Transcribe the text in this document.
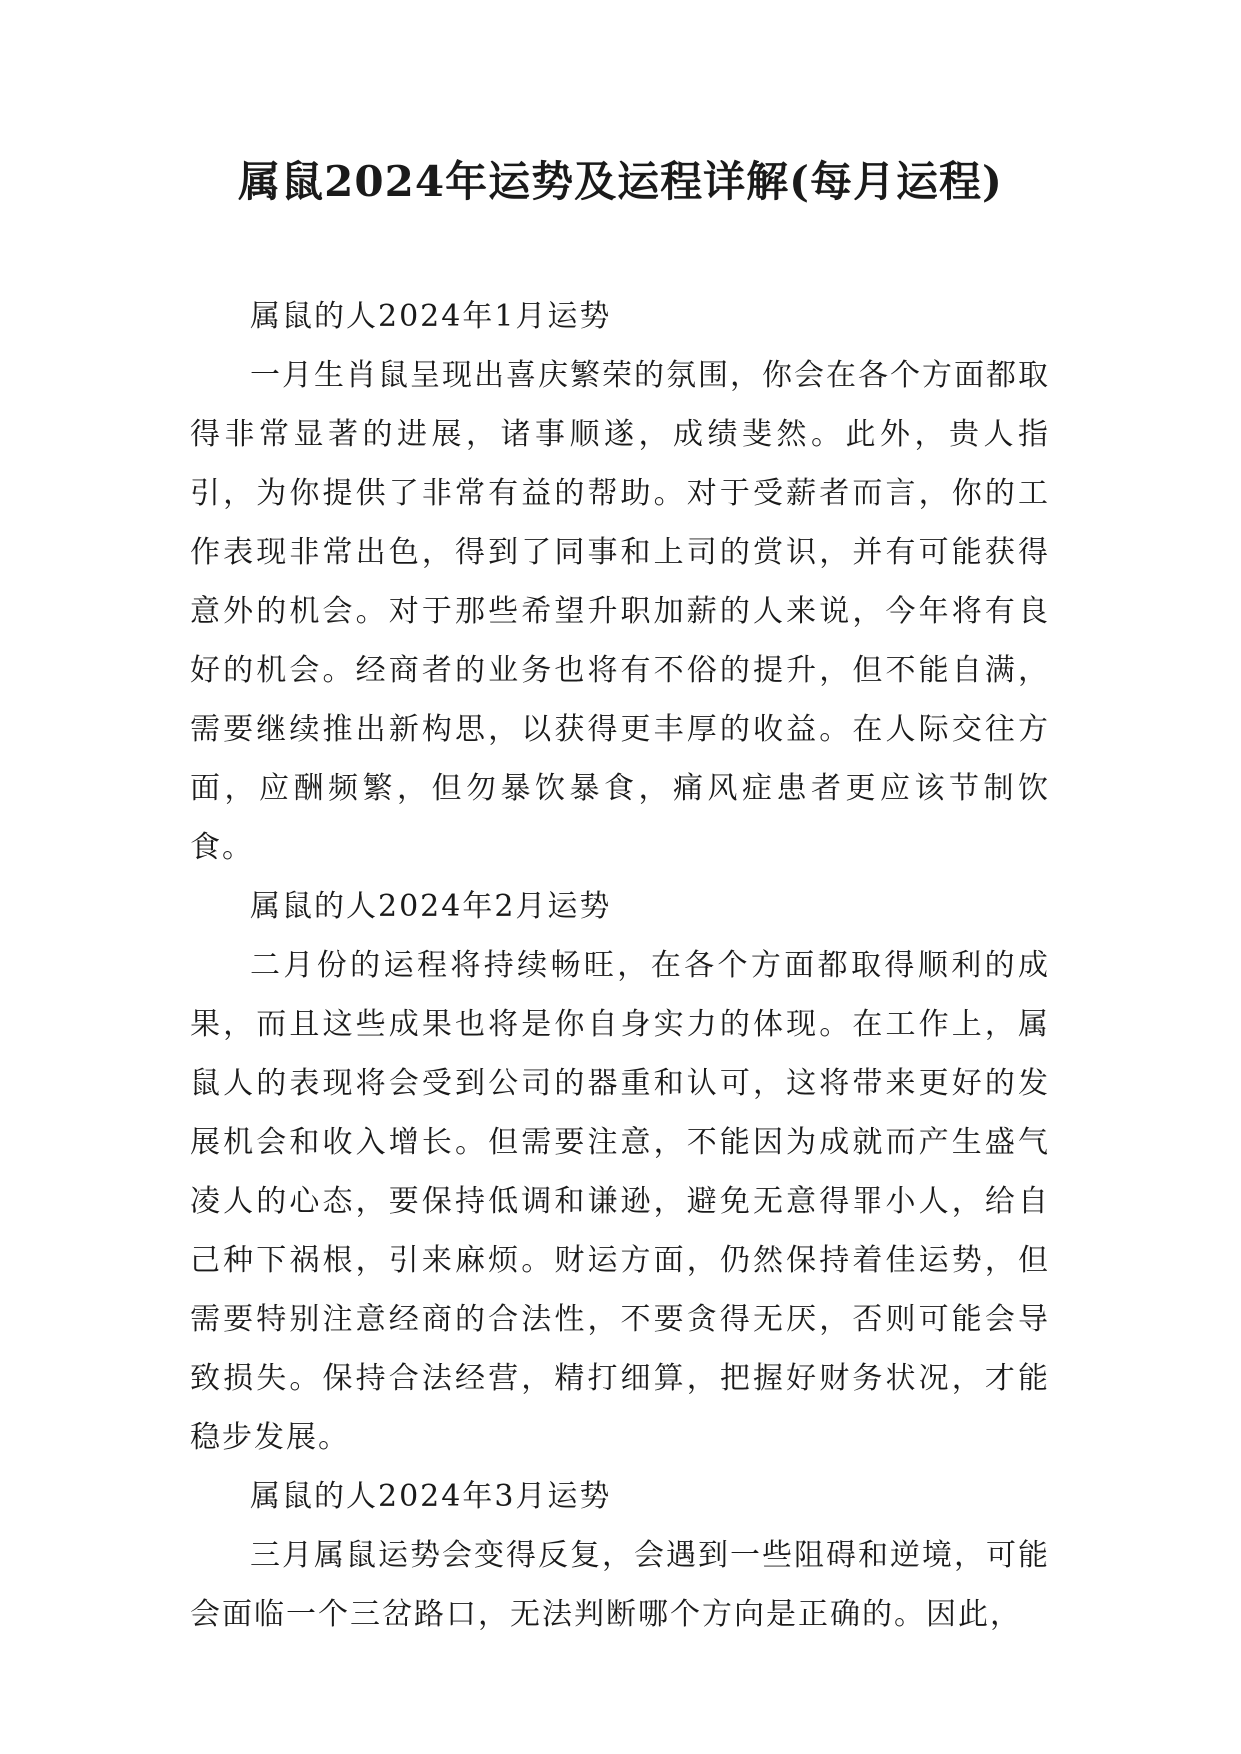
属鼠2024年运势及运程详解(每月运程)

属鼠的人2024年1月运势

一月生肖鼠呈现出喜庆繁荣的氛围，你会在各个方面都取得非常显著的进展，诸事顺遂，成绩斐然。此外，贵人指引，为你提供了非常有益的帮助。对于受薪者而言，你的工作表现非常出色，得到了同事和上司的赏识，并有可能获得意外的机会。对于那些希望升职加薪的人来说，今年将有良好的机会。经商者的业务也将有不俗的提升，但不能自满，需要继续推出新构思，以获得更丰厚的收益。在人际交往方面，应酬频繁，但勿暴饮暴食，痛风症患者更应该节制饮食。

属鼠的人2024年2月运势

二月份的运程将持续畅旺，在各个方面都取得顺利的成果，而且这些成果也将是你自身实力的体现。在工作上，属鼠人的表现将会受到公司的器重和认可，这将带来更好的发展机会和收入增长。但需要注意，不能因为成就而产生盛气凌人的心态，要保持低调和谦逊，避免无意得罪小人，给自己种下祸根，引来麻烦。财运方面，仍然保持着佳运势，但需要特别注意经商的合法性，不要贪得无厌，否则可能会导致损失。保持合法经营，精打细算，把握好财务状况，才能稳步发展。

属鼠的人2024年3月运势

三月属鼠运势会变得反复，会遇到一些阻碍和逆境，可能会面临一个三岔路口，无法判断哪个方向是正确的。因此，
